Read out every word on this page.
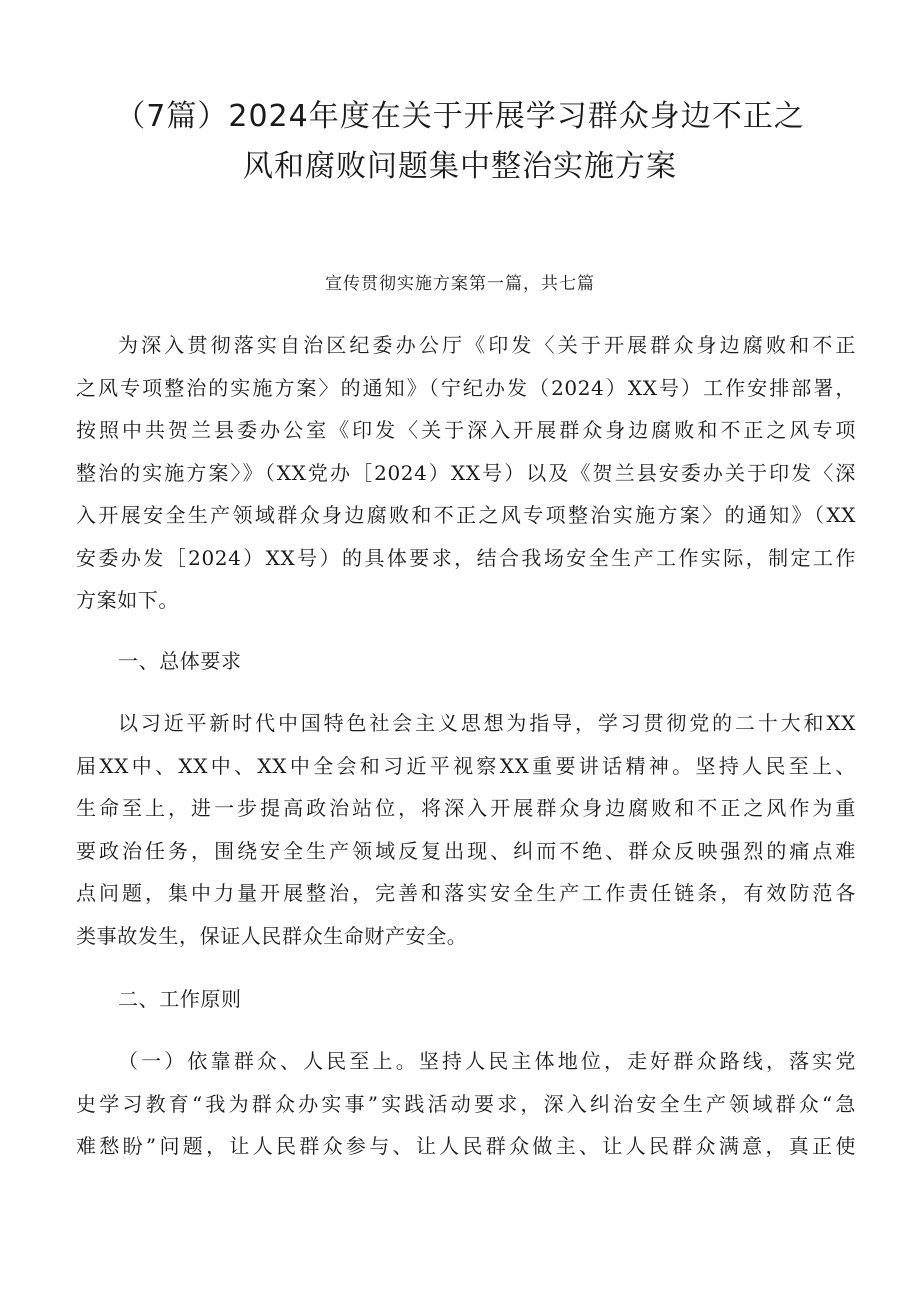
（7篇）2024年度在关于开展学习群众身边不正之
风和腐败问题集中整治实施方案
宣传贯彻实施方案第一篇，共七篇
为深入贯彻落实自治区纪委办公厅《印发〈关于开展群众身边腐败和不正
之风专项整治的实施方案〉的通知》（宁纪办发（2024）XX号）工作安排部署，
按照中共贺兰县委办公室《印发〈关于深入开展群众身边腐败和不正之风专项
整治的实施方案〉》（XX党办［2024）XX号）以及《贺兰县安委办关于印发〈深
入开展安全生产领域群众身边腐败和不正之风专项整治实施方案〉的通知》（XX
安委办发［2024）XX号）的具体要求，结合我场安全生产工作实际，制定工作
方案如下。
一、总体要求
以习近平新时代中国特色社会主义思想为指导，学习贯彻党的二十大和XX
届XX中、XX中、XX中全会和习近平视察XX重要讲话精神。坚持人民至上、
生命至上，进一步提高政治站位，将深入开展群众身边腐败和不正之风作为重
要政治任务，围绕安全生产领域反复出现、纠而不绝、群众反映强烈的痛点难
点问题，集中力量开展整治，完善和落实安全生产工作责任链条，有效防范各
类事故发生，保证人民群众生命财产安全。
二、工作原则
（一）依靠群众、人民至上。坚持人民主体地位，走好群众路线，落实党
史学习教育“我为群众办实事”实践活动要求，深入纠治安全生产领域群众“急
难愁盼”问题，让人民群众参与、让人民群众做主、让人民群众满意，真正使
